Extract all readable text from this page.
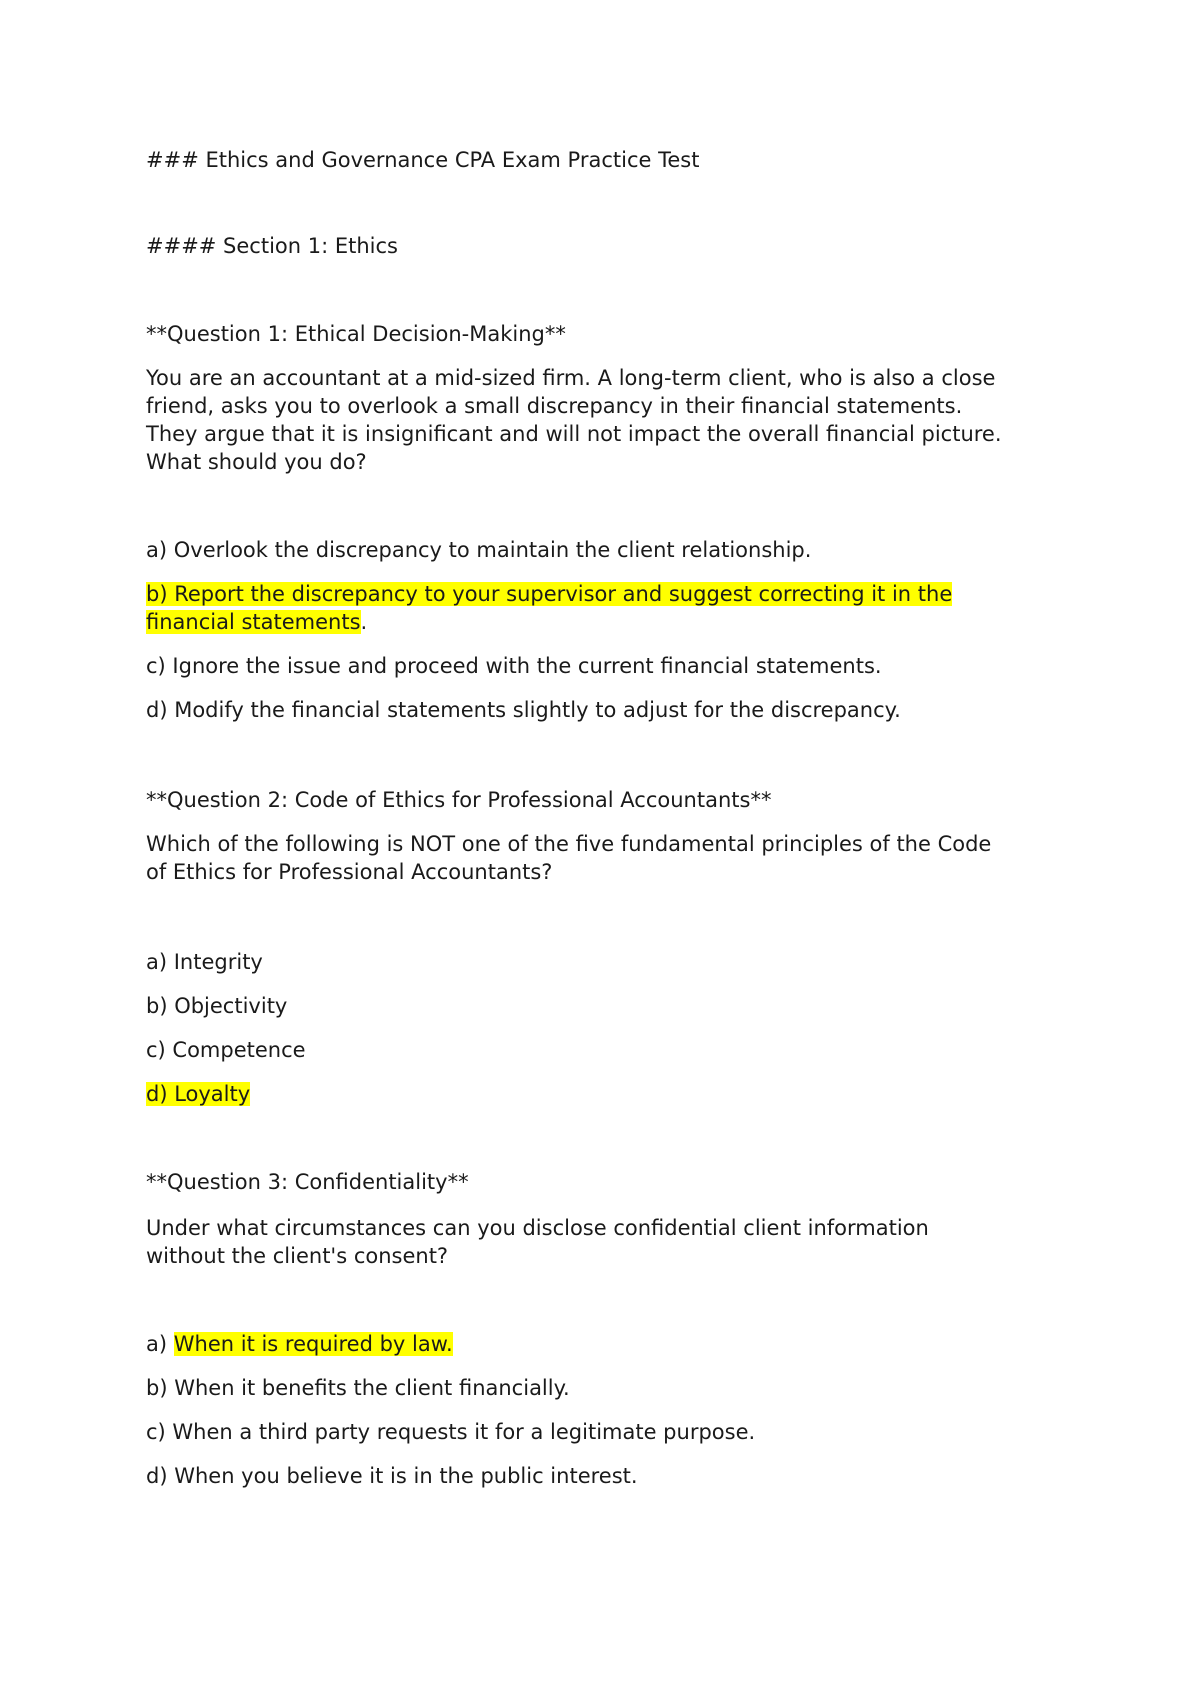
### Ethics and Governance CPA Exam Practice Test
#### Section 1: Ethics

**Question 1: Ethical Decision-Making**

You are an accountant at a mid-sized firm. A long-term client, who is also a close

friend, asks you to overlook a small discrepancy in their financial statements.

They argue that it is insignificant and will not impact the overall financial picture.

What should you do?

a) Overlook the discrepancy to maintain the client relationship.

b) Report the discrepancy to your supervisor and suggest correcting it in the

financial statements.

c) Ignore the issue and proceed with the current financial statements.

d) Modify the financial statements slightly to adjust for the discrepancy.

**Question 2: Code of Ethics for Professional Accountants**

Which of the following is NOT one of the five fundamental principles of the Code

of Ethics for Professional Accountants?

a) Integrity

b) Objectivity

c) Competence

d) Loyalty

**Question 3: Confidentiality**

Under what circumstances can you disclose confidential client information

without the client's consent?

a) When it is required by law.

b) When it benefits the client financially.

c) When a third party requests it for a legitimate purpose.

d) When you believe it is in the public interest.
